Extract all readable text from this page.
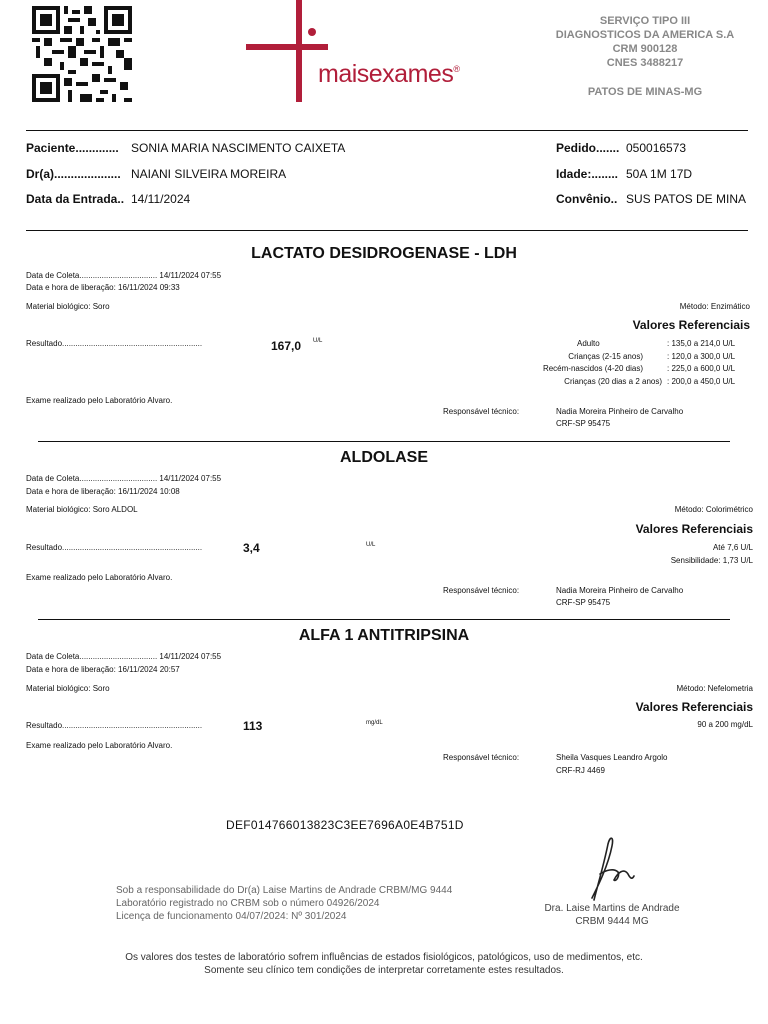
maisexames®
SERVIÇO TIPO III
DIAGNOSTICOS DA AMERICA S.A
CRM 900128
CNES 3488217
PATOS DE MINAS-MG
Paciente............. SONIA MARIA NASCIMENTO CAIXETA
Dr(a).................... NAIANI SILVEIRA MOREIRA
Data da Entrada.. 14/11/2024
Pedido....... 050016573
Idade:........ 50A 1M 17D
Convênio.. SUS PATOS DE MINA
LACTATO DESIDROGENASE - LDH
Data de Coleta................................... 14/11/2024 07:55
Data e hora de liberação: 16/11/2024 09:33
Material biológico: Soro	Método: Enzimático
Valores Referenciais
Resultado...............................................................	167,0 U/L	Adulto	: 135,0 a 214,0 U/L
Crianças (2-15 anos)	: 120,0 a 300,0 U/L
Recém-nascidos (4-20 dias)	: 225,0 a 600,0 U/L
Crianças (20 dias a 2 anos) : 200,0 a 450,0 U/L
Exame realizado pelo Laboratório Alvaro.
Responsável técnico:	Nadia Moreira Pinheiro de Carvalho
CRF-SP 95475
ALDOLASE
Data de Coleta................................... 14/11/2024 07:55
Data e hora de liberação: 16/11/2024 10:08
Material biológico: Soro ALDOL	Método: Colorimétrico
Valores Referenciais
Resultado...............................................................	3,4	U/L	Até 7,6 U/L
Sensibilidade: 1,73 U/L
Exame realizado pelo Laboratório Alvaro.
Responsável técnico:	Nadia Moreira Pinheiro de Carvalho
CRF-SP 95475
ALFA 1 ANTITRIPSINA
Data de Coleta................................... 14/11/2024 07:55
Data e hora de liberação: 16/11/2024 20:57
Material biológico: Soro	Método: Nefelometria
Valores Referenciais
Resultado...............................................................	113	mg/dL	90 a 200 mg/dL
Exame realizado pelo Laboratório Alvaro.
Responsável técnico:	Sheila Vasques Leandro Argolo
CRF-RJ 4469
DEF014766013823C3EE7696A0E4B751D
Sob a responsabilidade do Dr(a) Laise Martins de Andrade CRBM/MG 9444
Laboratório registrado no CRBM sob o número 04926/2024
Licença de funcionamento 04/07/2024: Nº 301/2024
Dra. Laise Martins de Andrade
CRBM 9444 MG
Os valores dos testes de laboratório sofrem influências de estados fisiológicos, patológicos, uso de medimentos, etc.
Somente seu clínico tem condições de interpretar corretamente estes resultados.
